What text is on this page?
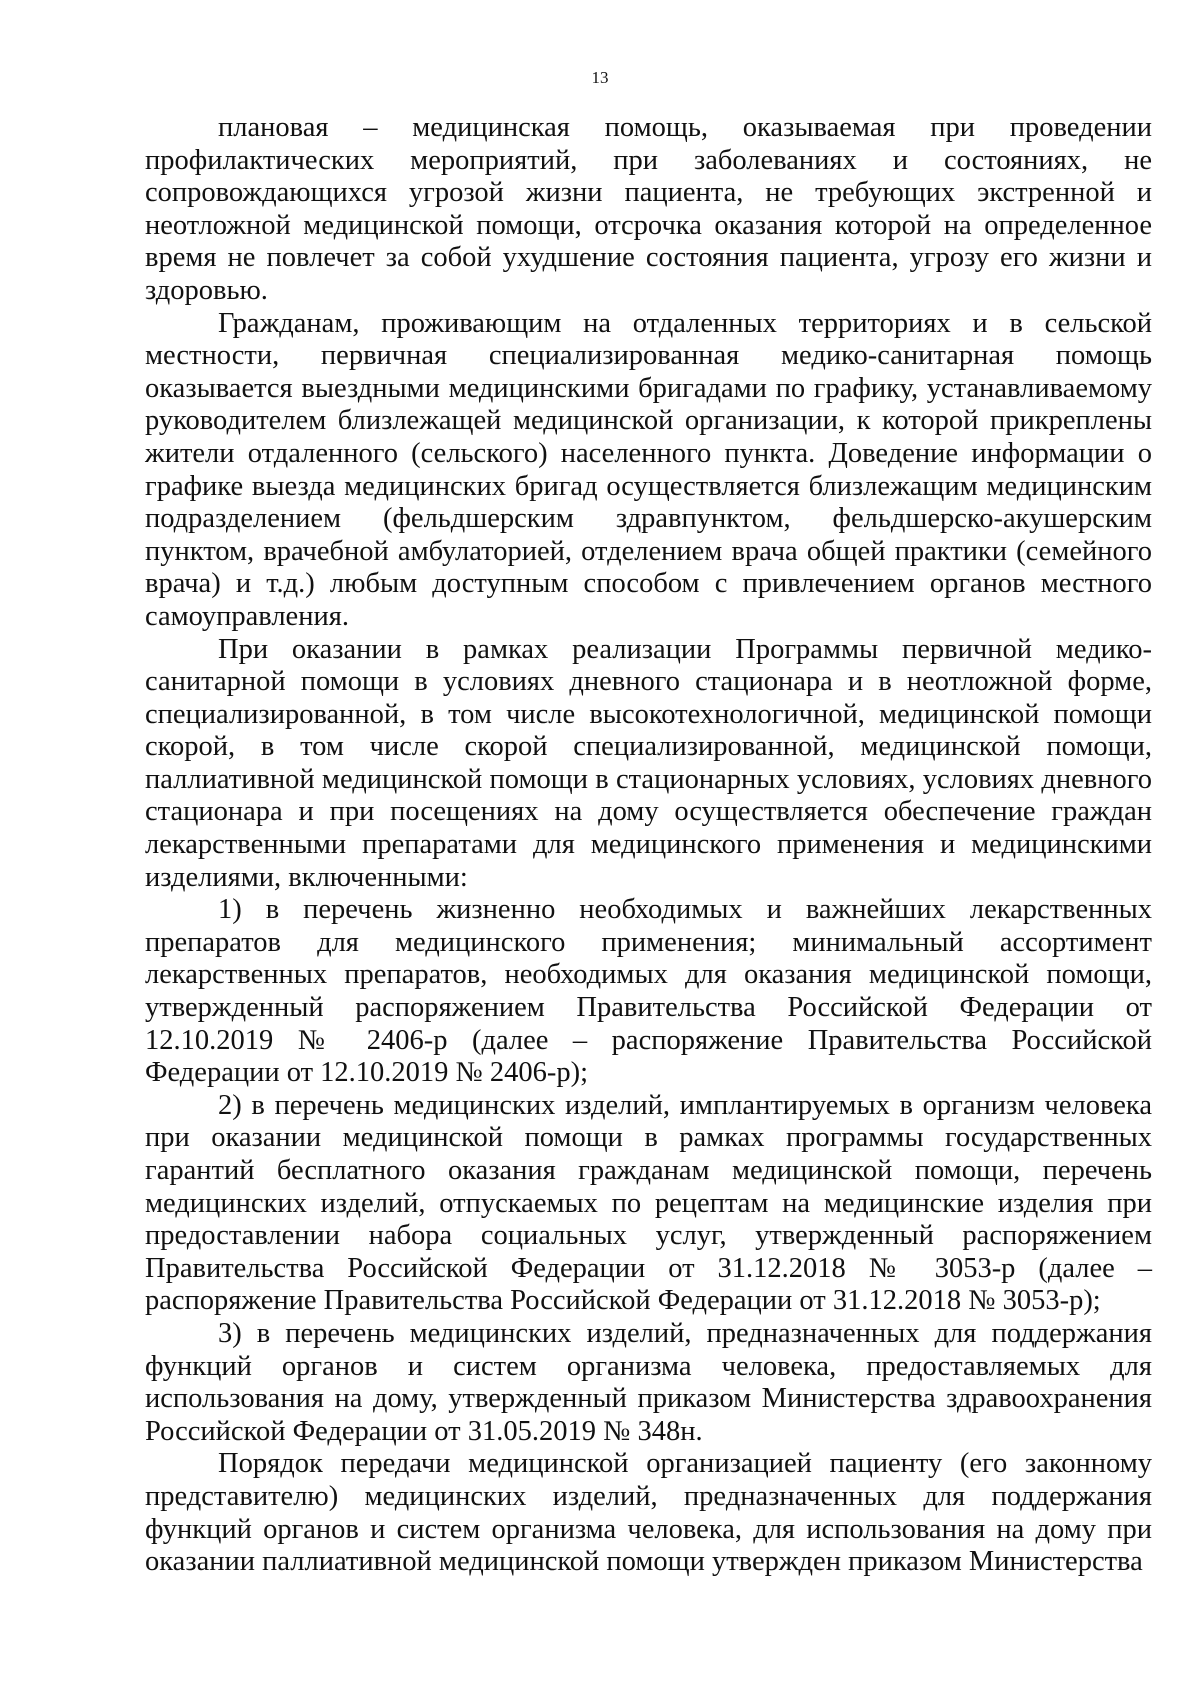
13

плановая – медицинская помощь, оказываемая при проведении профилактических мероприятий, при заболеваниях и состояниях, не сопровождающихся угрозой жизни пациента, не требующих экстренной и неотложной медицинской помощи, отсрочка оказания которой на определенное время не повлечет за собой ухудшение состояния пациента, угрозу его жизни и здоровью.

Гражданам, проживающим на отдаленных территориях и в сельской местности, первичная специализированная медико-санитарная помощь оказывается выездными медицинскими бригадами по графику, устанавливаемому руководителем близлежащей медицинской организации, к которой прикреплены жители отдаленного (сельского) населенного пункта. Доведение информации о графике выезда медицинских бригад осуществляется близлежащим медицинским подразделением (фельдшерским здравпунктом, фельдшерско-акушерским пунктом, врачебной амбулаторией, отделением врача общей практики (семейного врача) и т.д.) любым доступным способом с привлечением органов местного самоуправления.

При оказании в рамках реализации Программы первичной медико-санитарной помощи в условиях дневного стационара и в неотложной форме, специализированной, в том числе высокотехнологичной, медицинской помощи скорой, в том числе скорой специализированной, медицинской помощи, паллиативной медицинской помощи в стационарных условиях, условиях дневного стационара и при посещениях на дому осуществляется обеспечение граждан лекарственными препаратами для медицинского применения и медицинскими изделиями, включенными:

1) в перечень жизненно необходимых и важнейших лекарственных препаратов для медицинского применения; минимальный ассортимент лекарственных препаратов, необходимых для оказания медицинской помощи, утвержденный распоряжением Правительства Российской Федерации от 12.10.2019 № 2406-р (далее – распоряжение Правительства Российской Федерации от 12.10.2019 № 2406-р);

2) в перечень медицинских изделий, имплантируемых в организм человека при оказании медицинской помощи в рамках программы государственных гарантий бесплатного оказания гражданам медицинской помощи, перечень медицинских изделий, отпускаемых по рецептам на медицинские изделия при предоставлении набора социальных услуг, утвержденный распоряжением Правительства Российской Федерации от 31.12.2018 № 3053-р (далее – распоряжение Правительства Российской Федерации от 31.12.2018 № 3053-р);

3) в перечень медицинских изделий, предназначенных для поддержания функций органов и систем организма человека, предоставляемых для использования на дому, утвержденный приказом Министерства здравоохранения Российской Федерации от 31.05.2019 № 348н.

Порядок передачи медицинской организацией пациенту (его законному представителю) медицинских изделий, предназначенных для поддержания функций органов и систем организма человека, для использования на дому при оказании паллиативной медицинской помощи утвержден приказом Министерства
